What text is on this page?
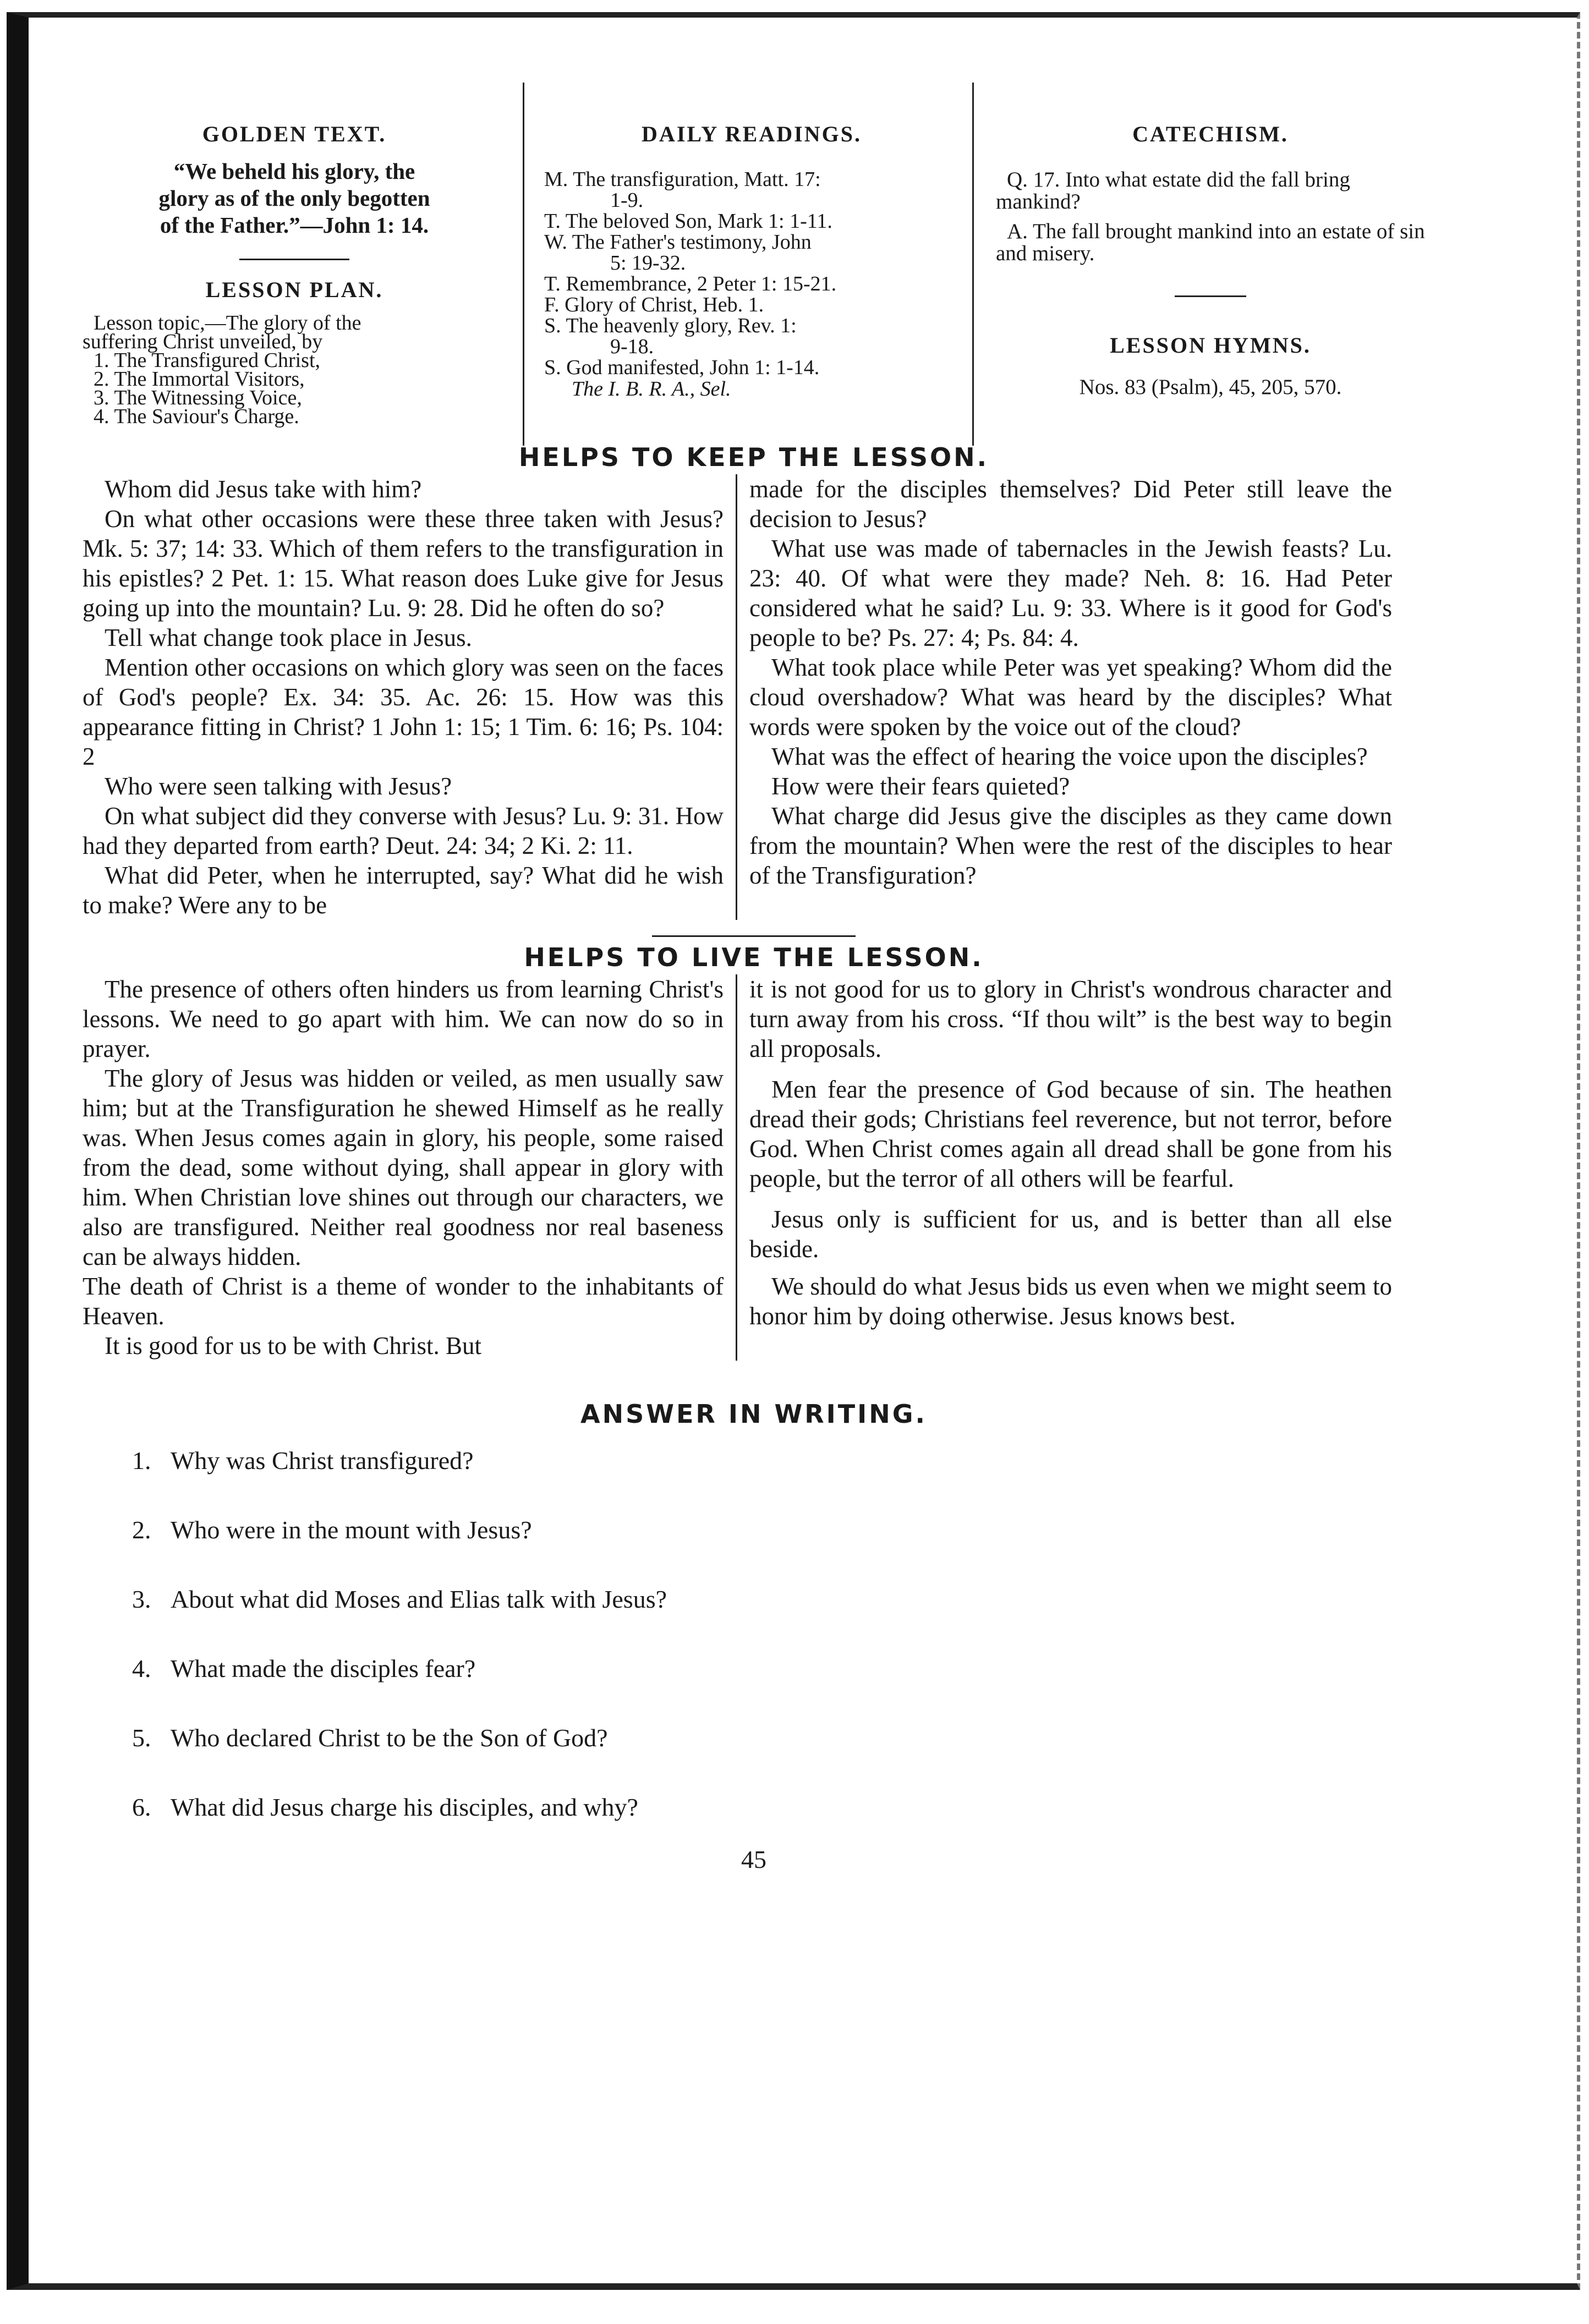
GOLDEN TEXT.
“We beheld his glory, the
glory as of the only begotten
of the Father.”—John 1: 14.
LESSON PLAN.
Lesson topic,—The glory of the
suffering Christ unveiled, by
1. The Transfigured Christ,
2. The Immortal Visitors,
3. The Witnessing Voice,
4. The Saviour's Charge.
DAILY READINGS.
M. The transfiguration, Matt. 17:
1-9.
T. The beloved Son, Mark 1: 1-11.
W. The Father's testimony, John
5: 19-32.
T. Remembrance, 2 Peter 1: 15-21.
F. Glory of Christ, Heb. 1.
S. The heavenly glory, Rev. 1:
9-18.
S. God manifested, John 1: 1-14.
The I. B. R. A., Sel.
CATECHISM.

Q. 17. Into what estate did the fall bring mankind?

A. The fall brought mankind into an estate of sin and misery.

LESSON HYMNS.
Nos. 83 (Psalm), 45, 205, 570.
HELPS TO KEEP THE LESSON.

Whom did Jesus take with him?

On what other occasions were these three taken with Jesus? Mk. 5: 37; 14: 33. Which of them refers to the transfiguration in his epistles? 2 Pet. 1: 15. What reason does Luke give for Jesus going up into the mountain? Lu. 9: 28. Did he often do so?

Tell what change took place in Jesus.

Mention other occasions on which glory was seen on the faces of God's people? Ex. 34: 35. Ac. 26: 15. How was this appearance fitting in Christ? 1 John 1: 15; 1 Tim. 6: 16; Ps. 104: 2

Who were seen talking with Jesus?

On what subject did they converse with Jesus? Lu. 9: 31. How had they departed from earth? Deut. 24: 34; 2 Ki. 2: 11.

What did Peter, when he interrupted, say? What did he wish to make? Were any to be

made for the disciples themselves? Did Peter still leave the decision to Jesus?

What use was made of tabernacles in the Jewish feasts? Lu. 23: 40. Of what were they made? Neh. 8: 16. Had Peter considered what he said? Lu. 9: 33. Where is it good for God's people to be? Ps. 27: 4; Ps. 84: 4.

What took place while Peter was yet speaking? Whom did the cloud overshadow? What was heard by the disciples? What words were spoken by the voice out of the cloud?

What was the effect of hearing the voice upon the disciples?

How were their fears quieted?

What charge did Jesus give the disciples as they came down from the mountain? When were the rest of the disciples to hear of the Transfiguration?

HELPS TO LIVE THE LESSON.

The presence of others often hinders us from learning Christ's lessons. We need to go apart with him. We can now do so in prayer.

The glory of Jesus was hidden or veiled, as men usually saw him; but at the Transfiguration he shewed Himself as he really was. When Jesus comes again in glory, his people, some raised from the dead, some without dying, shall appear in glory with him. When Christian love shines out through our characters, we also are transfigured. Neither real goodness nor real baseness can be always hidden.

The death of Christ is a theme of wonder to the inhabitants of Heaven.

It is good for us to be with Christ. But

it is not good for us to glory in Christ's wondrous character and turn away from his cross. “If thou wilt” is the best way to begin all proposals.

Men fear the presence of God because of sin. The heathen dread their gods; Christians feel reverence, but not terror, before God. When Christ comes again all dread shall be gone from his people, but the terror of all others will be fearful.

Jesus only is sufficient for us, and is better than all else beside.

We should do what Jesus bids us even when we might seem to honor him by doing otherwise. Jesus knows best.

ANSWER IN WRITING.
1. Why was Christ transfigured?
2. Who were in the mount with Jesus?
3. About what did Moses and Elias talk with Jesus?
4. What made the disciples fear?
5. Who declared Christ to be the Son of God?
6. What did Jesus charge his disciples, and why?
45
